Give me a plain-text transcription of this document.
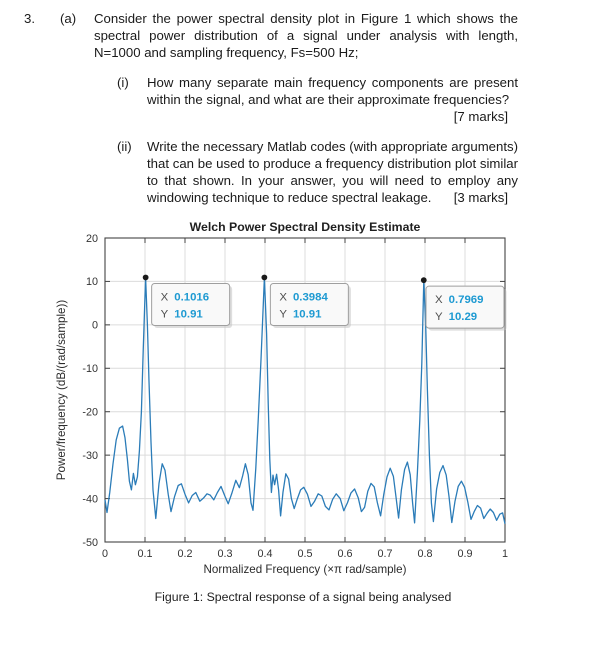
3.	(a)	Consider the power spectral density plot in Figure 1 which shows the spectral power distribution of a signal under analysis with length, N=1000 and sampling frequency, Fs=500 Hz;

(i)	How many separate main frequency components are present within the signal, and what are their approximate frequencies?

[7 marks]
(ii)	Write the necessary Matlab codes (with appropriate arguments) that can be used to produce a frequency distribution plot similar to that shown. In your answer, you will need to employ any windowing technique to reduce spectral leakage.	[3 marks]
0	0.1 0.2 0.3 0.4 0.5 0.6 0.7 0.8 0.9	1
20
10
0
-10
-20
-30
-40
-50
Welch Power Spectral Density Estimate
Normalized Frequency (×π rad/sample)
Power/frequency (dB/(rad/sample))
X 0.1016
Y 10.91
X 0.3984
Y 10.91
X 0.7969
Y 10.29
Figure 1: Spectral response of a signal being analysed
